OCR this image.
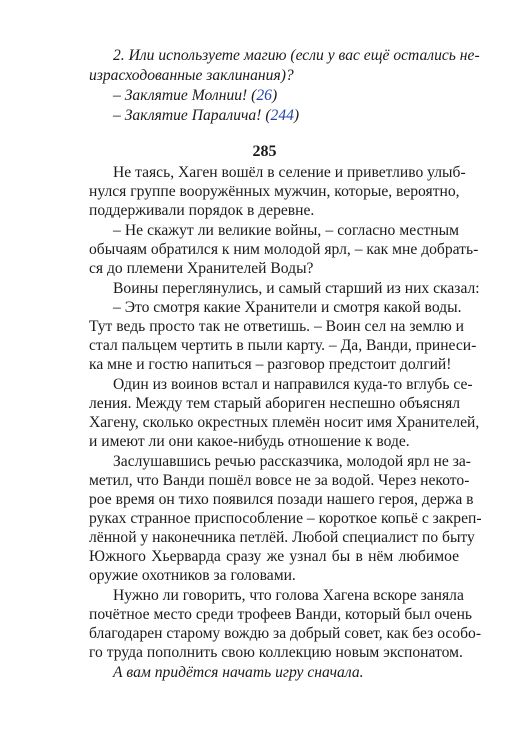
2. Или используете магию (если у вас ещё остались не-
израсходованные заклинания)?
– Заклятие Молнии! (26)
– Заклятие Паралича! (244)
285
Не таясь, Хаген вошёл в селение и приветливо улыб-
нулся группе вооружённых мужчин, которые, вероятно,
поддерживали порядок в деревне.
– Не скажут ли великие войны, – согласно местным
обычаям обратился к ним молодой ярл, – как мне добрать-
ся до племени Хранителей Воды?
Воины переглянулись, и самый старший из них сказал:
– Это смотря какие Хранители и смотря какой воды.
Тут ведь просто так не ответишь. – Воин сел на землю и
стал пальцем чертить в пыли карту. – Да, Ванди, принеси-
ка мне и гостю напиться – разговор предстоит долгий!
Один из воинов встал и направился куда-то вглубь се-
ления. Между тем старый абориген неспешно объяснял
Хагену, сколько окрестных племён носит имя Хранителей,
и имеют ли они какое-нибудь отношение к воде.
Заслушавшись речью рассказчика, молодой ярл не за-
метил, что Ванди пошёл вовсе не за водой. Через некото-
рое время он тихо появился позади нашего героя, держа в
руках странное приспособление – короткое копьё с закреп-
лённой у наконечника петлёй. Любой специалист по быту
Южного Хьерварда сразу же узнал бы в нём любимое
оружие охотников за головами.
Нужно ли говорить, что голова Хагена вскоре заняла
почётное место среди трофеев Ванди, который был очень
благодарен старому вождю за добрый совет, как без особо-
го труда пополнить свою коллекцию новым экспонатом.
А вам придётся начать игру сначала.
